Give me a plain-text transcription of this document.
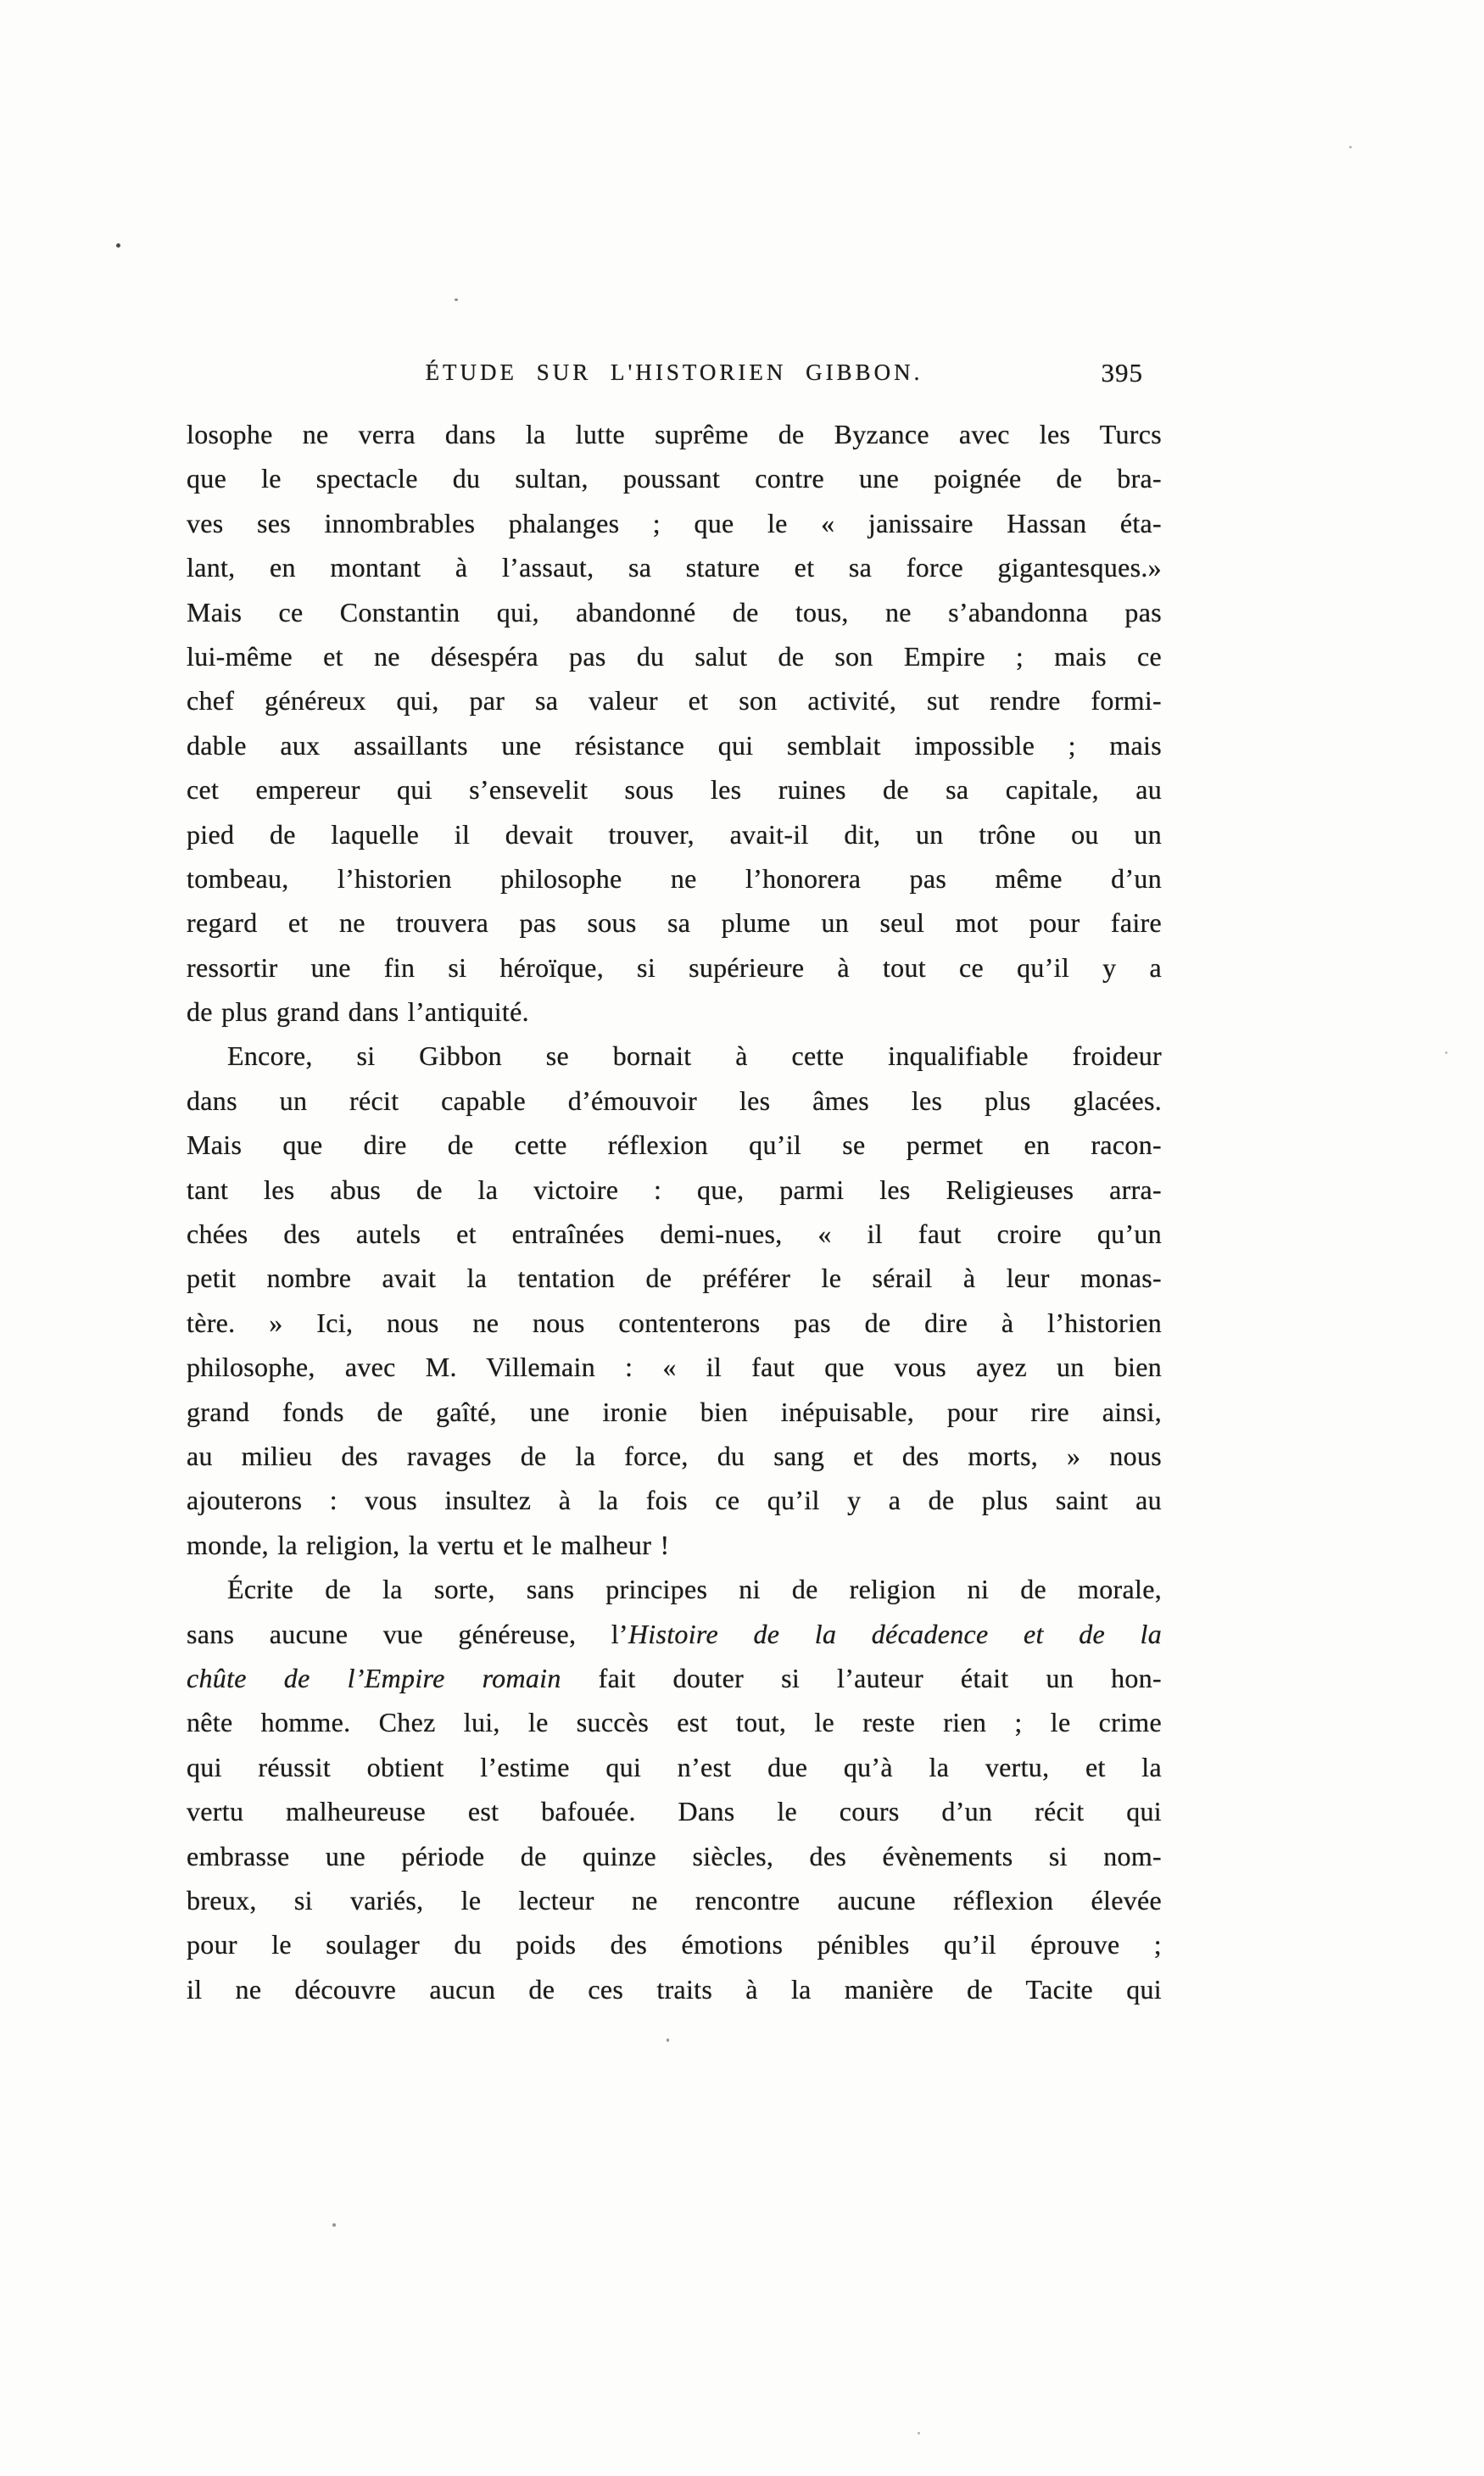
ÉTUDE SUR L'HISTORIEN GIBBON.	395
losophe ne verra dans la lutte suprême de Byzance avec les Turcs
que le spectacle du sultan, poussant contre une poignée de bra-
ves ses innombrables phalanges ; que le « janissaire Hassan éta-
lant, en montant à l’assaut, sa stature et sa force gigantesques.»
Mais ce Constantin qui, abandonné de tous, ne s’abandonna pas
lui-même et ne désespéra pas du salut de son Empire ; mais ce
chef généreux qui, par sa valeur et son activité, sut rendre formi-
dable aux assaillants une résistance qui semblait impossible ; mais
cet empereur qui s’ensevelit sous les ruines de sa capitale, au
pied de laquelle il devait trouver, avait-il dit, un trône ou un
tombeau, l’historien philosophe ne l’honorera pas même d’un
regard et ne trouvera pas sous sa plume un seul mot pour faire
ressortir une fin si héroïque, si supérieure à tout ce qu’il y a
de plus grand dans l’antiquité.
Encore, si Gibbon se bornait à cette inqualifiable froideur
dans un récit capable d’émouvoir les âmes les plus glacées.
Mais que dire de cette réflexion qu’il se permet en racon-
tant les abus de la victoire : que, parmi les Religieuses arra-
chées des autels et entraînées demi-nues, « il faut croire qu’un
petit nombre avait la tentation de préférer le sérail à leur monas-
tère. » Ici, nous ne nous contenterons pas de dire à l’historien
philosophe, avec M. Villemain : « il faut que vous ayez un bien
grand fonds de gaîté, une ironie bien inépuisable, pour rire ainsi,
au milieu des ravages de la force, du sang et des morts, » nous
ajouterons : vous insultez à la fois ce qu’il y a de plus saint au
monde, la religion, la vertu et le malheur !
Écrite de la sorte, sans principes ni de religion ni de morale,
sans aucune vue généreuse, l’Histoire de la décadence et de la
chûte de l’Empire romain fait douter si l’auteur était un hon-
nête homme. Chez lui, le succès est tout, le reste rien ; le crime
qui réussit obtient l’estime qui n’est due qu’à la vertu, et la
vertu malheureuse est bafouée. Dans le cours d’un récit qui
embrasse une période de quinze siècles, des évènements si nom-
breux, si variés, le lecteur ne rencontre aucune réflexion élevée
pour le soulager du poids des émotions pénibles qu’il éprouve ;
il ne découvre aucun de ces traits à la manière de Tacite qui
